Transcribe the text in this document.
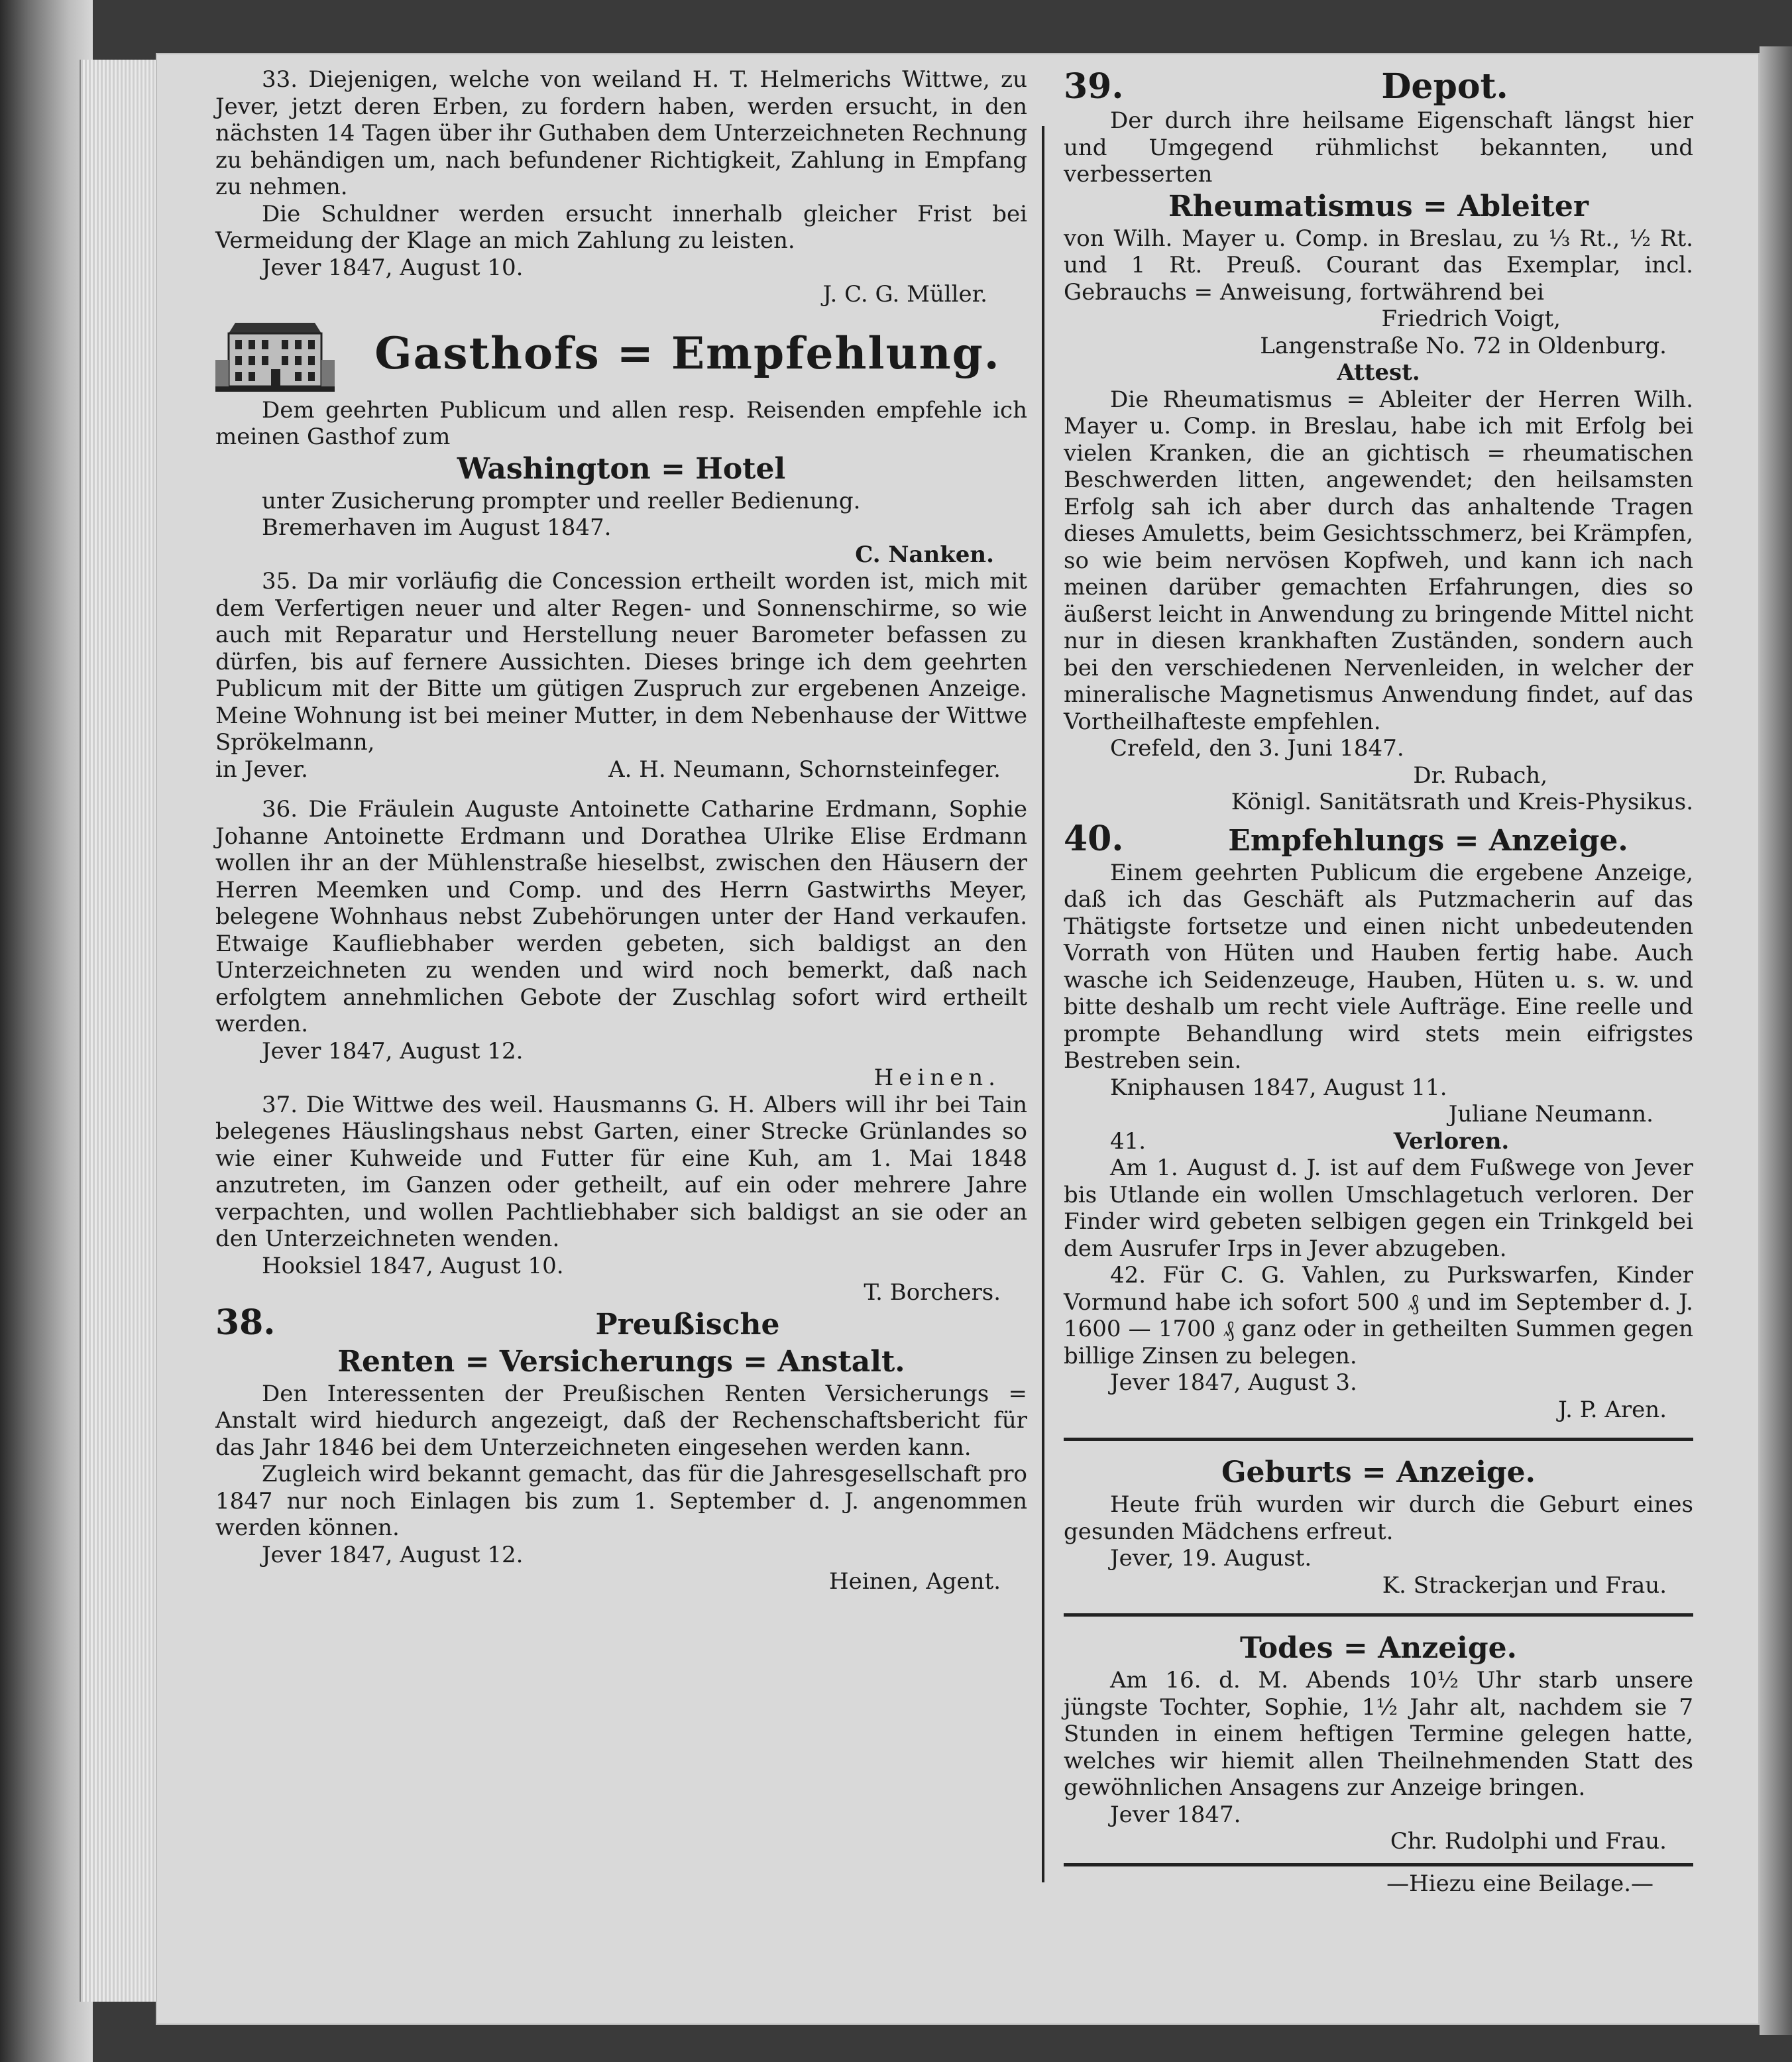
33. Diejenigen, welche von weiland H. T. Helmerichs Wittwe, zu Jever, jetzt deren Erben, zu fordern haben, werden ersucht, in den nächsten 14 Tagen über ihr Guthaben dem Unterzeichneten Rechnung zu behändigen um, nach befundener Richtigkeit, Zahlung in Empfang zu nehmen.

Die Schuldner werden ersucht innerhalb gleicher Frist bei Vermeidung der Klage an mich Zahlung zu leisten.

Jever 1847, August 10.

J. C. G. Müller.

Gasthofs = Empfehlung.

Dem geehrten Publicum und allen resp. Reisenden empfehle ich meinen Gasthof zum

Washington = Hotel

unter Zusicherung prompter und reeller Bedienung.

Bremerhaven im August 1847.

C. Nanken.

35. Da mir vorläufig die Concession ertheilt worden ist, mich mit dem Verfertigen neuer und alter Regen- und Sonnenschirme, so wie auch mit Reparatur und Herstellung neuer Barometer befassen zu dürfen, bis auf fernere Aussichten. Dieses bringe ich dem geehrten Publicum mit der Bitte um gütigen Zuspruch zur ergebenen Anzeige. Meine Wohnung ist bei meiner Mutter, in dem Nebenhause der Wittwe Sprökelmann,

in Jever.	A. H. Neumann, Schornsteinfeger.

36. Die Fräulein Auguste Antoinette Catharine Erdmann, Sophie Johanne Antoinette Erdmann und Dorathea Ulrike Elise Erdmann wollen ihr an der Mühlenstraße hieselbst, zwischen den Häusern der Herren Meemken und Comp. und des Herrn Gastwirths Meyer, belegene Wohnhaus nebst Zubehörungen unter der Hand verkaufen. Etwaige Kaufliebhaber werden gebeten, sich baldigst an den Unterzeichneten zu wenden und wird noch bemerkt, daß nach erfolgtem annehmlichen Gebote der Zuschlag sofort wird ertheilt werden.

Jever 1847, August 12.

Heinen.

37. Die Wittwe des weil. Hausmanns G. H. Albers will ihr bei Tain belegenes Häuslingshaus nebst Garten, einer Strecke Grünlandes so wie einer Kuhweide und Futter für eine Kuh, am 1. Mai 1848 anzutreten, im Ganzen oder getheilt, auf ein oder mehrere Jahre verpachten, und wollen Pachtliebhaber sich baldigst an sie oder an den Unterzeichneten wenden.

Hooksiel 1847, August 10.

T. Borchers.

38.	Preußische

Renten = Versicherungs = Anstalt.

Den Interessenten der Preußischen Renten Versicherungs = Anstalt wird hiedurch angezeigt, daß der Rechenschaftsbericht für das Jahr 1846 bei dem Unterzeichneten eingesehen werden kann.

Zugleich wird bekannt gemacht, das für die Jahresgesellschaft pro 1847 nur noch Einlagen bis zum 1. September d. J. angenommen werden können.

Jever 1847, August 12.

Heinen, Agent.

39.	Depot.

Der durch ihre heilsame Eigenschaft längst hier und Umgegend rühmlichst bekannten, und verbesserten

Rheumatismus = Ableiter

von Wilh. Mayer u. Comp. in Breslau, zu ⅓ Rt., ½ Rt. und 1 Rt. Preuß. Courant das Exemplar, incl. Gebrauchs = Anweisung, fortwährend bei

Friedrich Voigt,

Langenstraße No. 72 in Oldenburg.

Attest.

Die Rheumatismus = Ableiter der Herren Wilh. Mayer u. Comp. in Breslau, habe ich mit Erfolg bei vielen Kranken, die an gichtisch = rheumatischen Beschwerden litten, angewendet; den heilsamsten Erfolg sah ich aber durch das anhaltende Tragen dieses Amuletts, beim Gesichtsschmerz, bei Krämpfen, so wie beim nervösen Kopfweh, und kann ich nach meinen darüber gemachten Erfahrungen, dies so äußerst leicht in Anwendung zu bringende Mittel nicht nur in diesen krankhaften Zuständen, sondern auch bei den verschiedenen Nervenleiden, in welcher der mineralische Magnetismus Anwendung findet, auf das Vortheilhafteste empfehlen.

Crefeld, den 3. Juni 1847.

Dr. Rubach,

Königl. Sanitätsrath und Kreis-Physikus.

40.	Empfehlungs = Anzeige.

Einem geehrten Publicum die ergebene Anzeige, daß ich das Geschäft als Putzmacherin auf das Thätigste fortsetze und einen nicht unbedeutenden Vorrath von Hüten und Hauben fertig habe. Auch wasche ich Seidenzeuge, Hauben, Hüten u. s. w. und bitte deshalb um recht viele Aufträge. Eine reelle und prompte Behandlung wird stets mein eifrigstes Bestreben sein.

Kniphausen 1847, August 11.

Juliane Neumann.

41.	Verloren.

Am 1. August d. J. ist auf dem Fußwege von Jever bis Utlande ein wollen Umschlagetuch verloren. Der Finder wird gebeten selbigen gegen ein Trinkgeld bei dem Ausrufer Irps in Jever abzugeben.

42. Für C. G. Vahlen, zu Purkswarfen, Kinder Vormund habe ich sofort 500 ₰ und im September d. J. 1600 — 1700 ₰ ganz oder in getheilten Summen gegen billige Zinsen zu belegen.

Jever 1847, August 3.

J. P. Aren.

Geburts = Anzeige.

Heute früh wurden wir durch die Geburt eines gesunden Mädchens erfreut.

Jever, 19. August.

K. Strackerjan und Frau.

Todes = Anzeige.

Am 16. d. M. Abends 10½ Uhr starb unsere jüngste Tochter, Sophie, 1½ Jahr alt, nachdem sie 7 Stunden in einem heftigen Termine gelegen hatte, welches wir hiemit allen Theilnehmenden Statt des gewöhnlichen Ansagens zur Anzeige bringen.

Jever 1847.

Chr. Rudolphi und Frau.

—Hiezu eine Beilage.—
